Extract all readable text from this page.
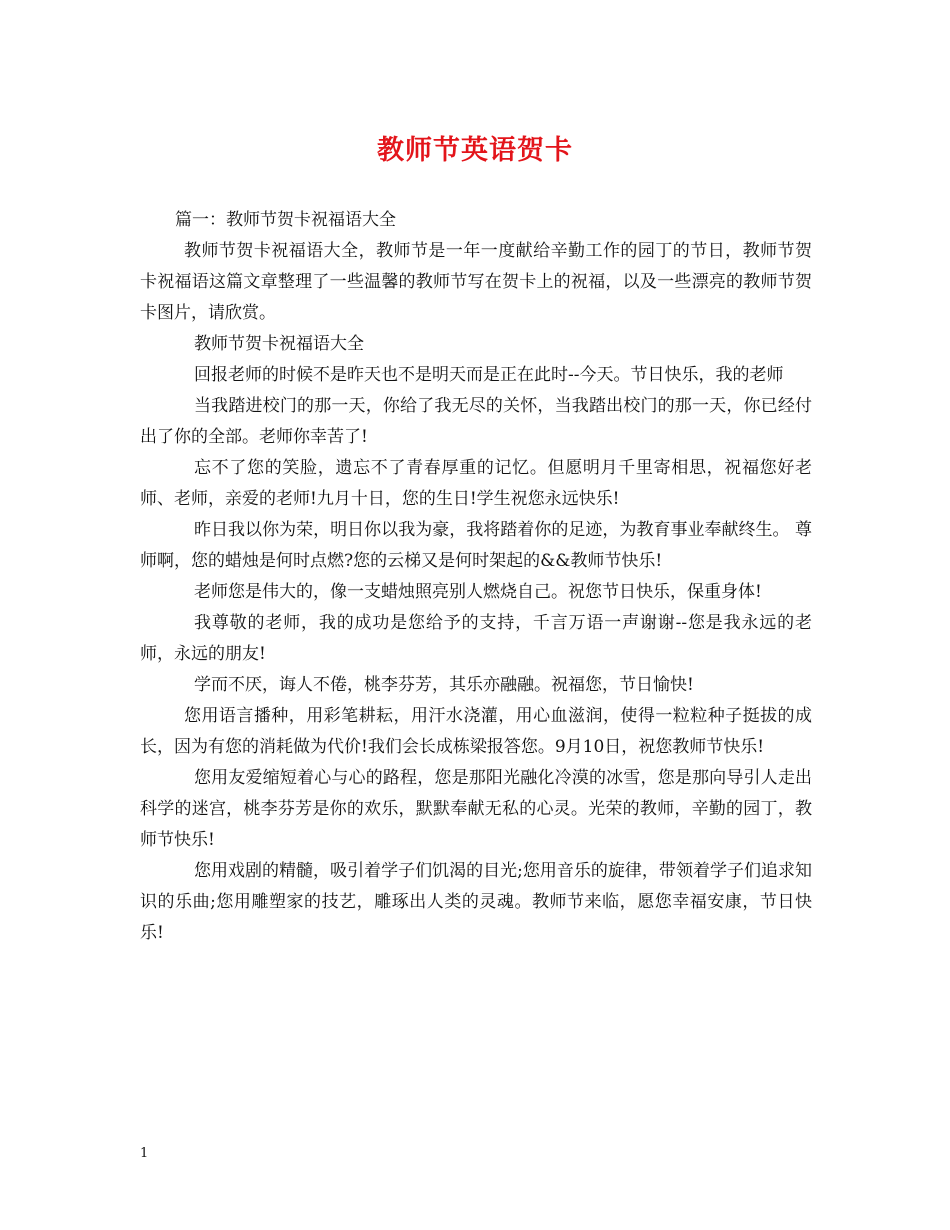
教师节英语贺卡

篇一：教师节贺卡祝福语大全

教师节贺卡祝福语大全，教师节是一年一度献给辛勤工作的园丁的节日，教师节贺卡祝福语这篇文章整理了一些温馨的教师节写在贺卡上的祝福，以及一些漂亮的教师节贺卡图片，请欣赏。

教师节贺卡祝福语大全

回报老师的时候不是昨天也不是明天而是正在此时--今天。节日快乐，我的老师

当我踏进校门的那一天，你给了我无尽的关怀，当我踏出校门的那一天，你已经付出了你的全部。老师你幸苦了!

忘不了您的笑脸，遗忘不了青春厚重的记忆。但愿明月千里寄相思，祝福您好老师、老师，亲爱的老师!九月十日，您的生日!学生祝您永远快乐!

昨日我以你为荣，明日你以我为豪，我将踏着你的足迹，为教育事业奉献终生。 尊师啊，您的蜡烛是何时点燃?您的云梯又是何时架起的&&教师节快乐!

老师您是伟大的，像一支蜡烛照亮别人燃烧自己。祝您节日快乐，保重身体!

我尊敬的老师，我的成功是您给予的支持，千言万语一声谢谢--您是我永远的老师，永远的朋友!

学而不厌，诲人不倦，桃李芬芳，其乐亦融融。祝福您，节日愉快!

您用语言播种，用彩笔耕耘，用汗水浇灌，用心血滋润，使得一粒粒种子挺拔的成长，因为有您的消耗做为代价!我们会长成栋梁报答您。9月10日，祝您教师节快乐!

您用友爱缩短着心与心的路程，您是那阳光融化冷漠的冰雪，您是那向导引人走出科学的迷宫，桃李芬芳是你的欢乐，默默奉献无私的心灵。光荣的教师，辛勤的园丁，教师节快乐!

您用戏剧的精髓，吸引着学子们饥渴的目光;您用音乐的旋律，带领着学子们追求知识的乐曲;您用雕塑家的技艺，雕琢出人类的灵魂。教师节来临，愿您幸福安康，节日快乐!

1
